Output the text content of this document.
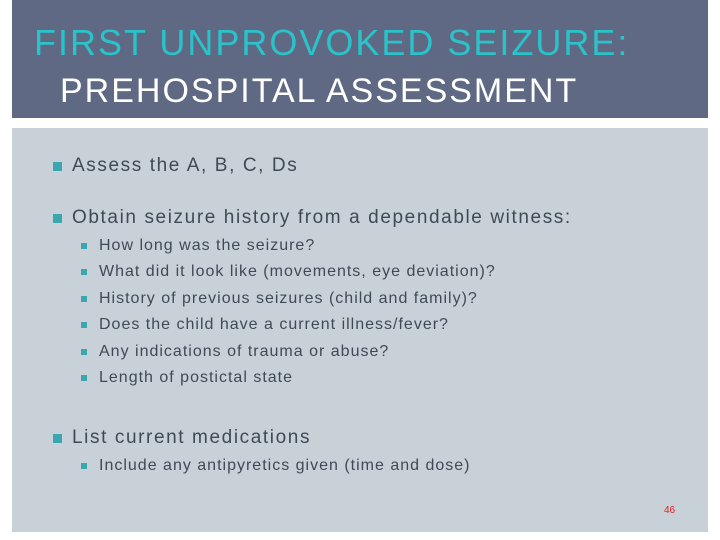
FIRST UNPROVOKED SEIZURE:
PREHOSPITAL ASSESSMENT
Assess the A, B, C, Ds
Obtain seizure history from a dependable witness:
How long was the seizure?
What did it look like (movements, eye deviation)?
History of previous seizures (child and family)?
Does the child have a current illness/fever?
Any indications of trauma or abuse?
Length of postictal state
List current medications
Include any antipyretics given (time and dose)
46
